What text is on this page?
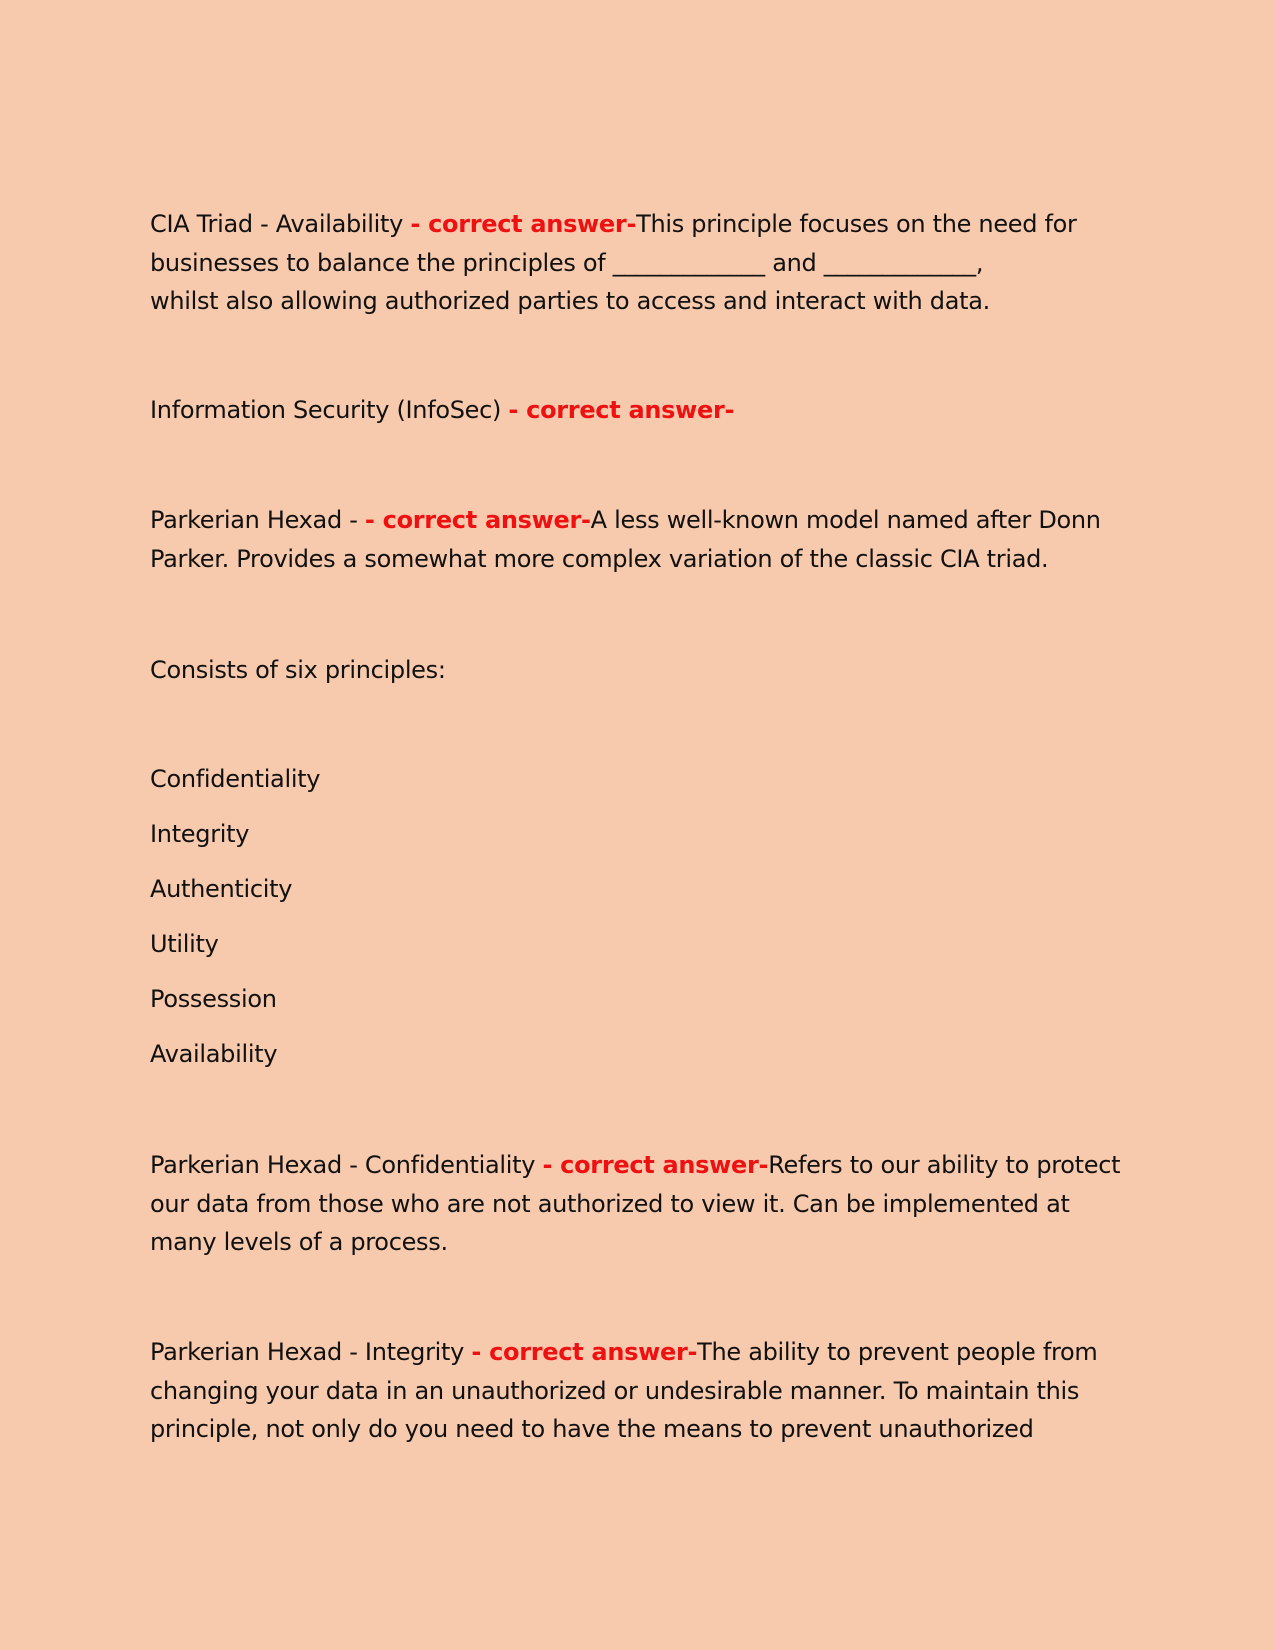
CIA Triad - Availability - correct answer-This principle focuses on the need for
businesses to balance the principles of _____________ and _____________,
whilst also allowing authorized parties to access and interact with data.
Information Security (InfoSec) - correct answer-
Parkerian Hexad - - correct answer-A less well-known model named after Donn
Parker. Provides a somewhat more complex variation of the classic CIA triad.
Consists of six principles:
Confidentiality
Integrity
Authenticity
Utility
Possession
Availability
Parkerian Hexad - Confidentiality - correct answer-Refers to our ability to protect
our data from those who are not authorized to view it. Can be implemented at
many levels of a process.
Parkerian Hexad - Integrity - correct answer-The ability to prevent people from
changing your data in an unauthorized or undesirable manner. To maintain this
principle, not only do you need to have the means to prevent unauthorized
